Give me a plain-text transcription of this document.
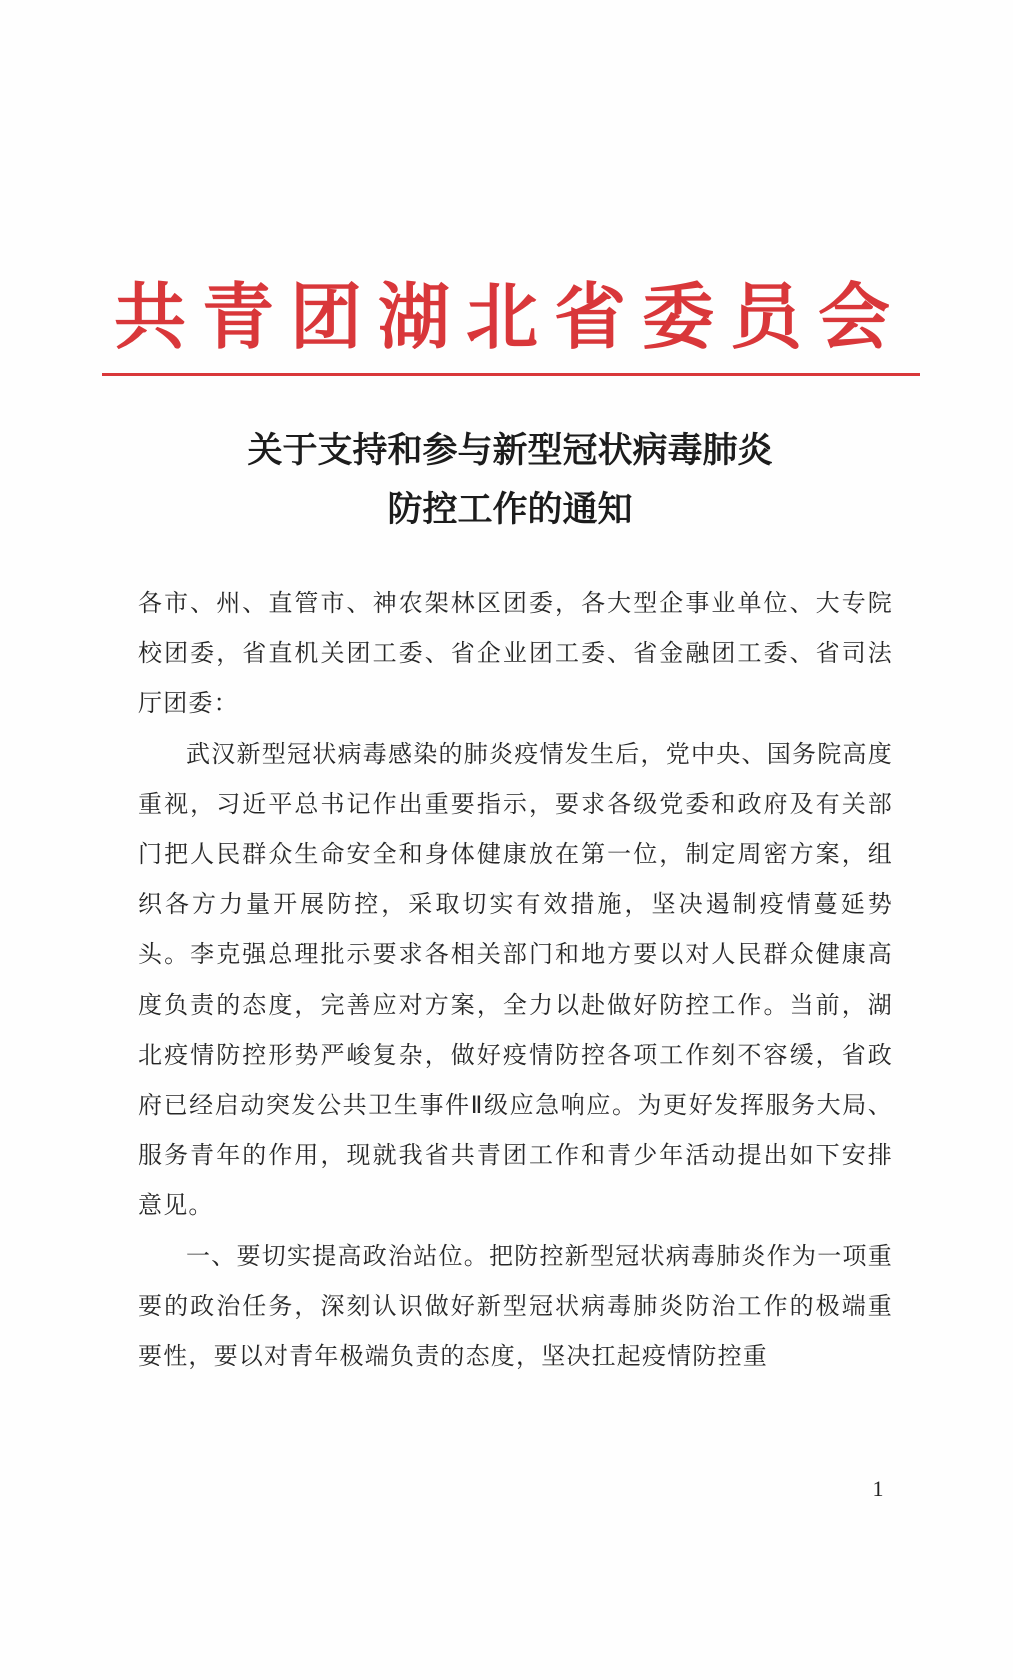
共青团湖北省委员会
关于支持和参与新型冠状病毒肺炎
防控工作的通知

各市、州、直管市、神农架林区团委，各大型企事业单位、大专院校团委，省直机关团工委、省企业团工委、省金融团工委、省司法厅团委：

武汉新型冠状病毒感染的肺炎疫情发生后，党中央、国务院高度重视，习近平总书记作出重要指示，要求各级党委和政府及有关部门把人民群众生命安全和身体健康放在第一位，制定周密方案，组织各方力量开展防控，采取切实有效措施，坚决遏制疫情蔓延势头。李克强总理批示要求各相关部门和地方要以对人民群众健康高度负责的态度，完善应对方案，全力以赴做好防控工作。当前，湖北疫情防控形势严峻复杂，做好疫情防控各项工作刻不容缓，省政府已经启动突发公共卫生事件Ⅱ级应急响应。为更好发挥服务大局、服务青年的作用，现就我省共青团工作和青少年活动提出如下安排意见。

一、要切实提高政治站位。把防控新型冠状病毒肺炎作为一项重要的政治任务，深刻认识做好新型冠状病毒肺炎防治工作的极端重要性，要以对青年极端负责的态度，坚决扛起疫情防控重

1
